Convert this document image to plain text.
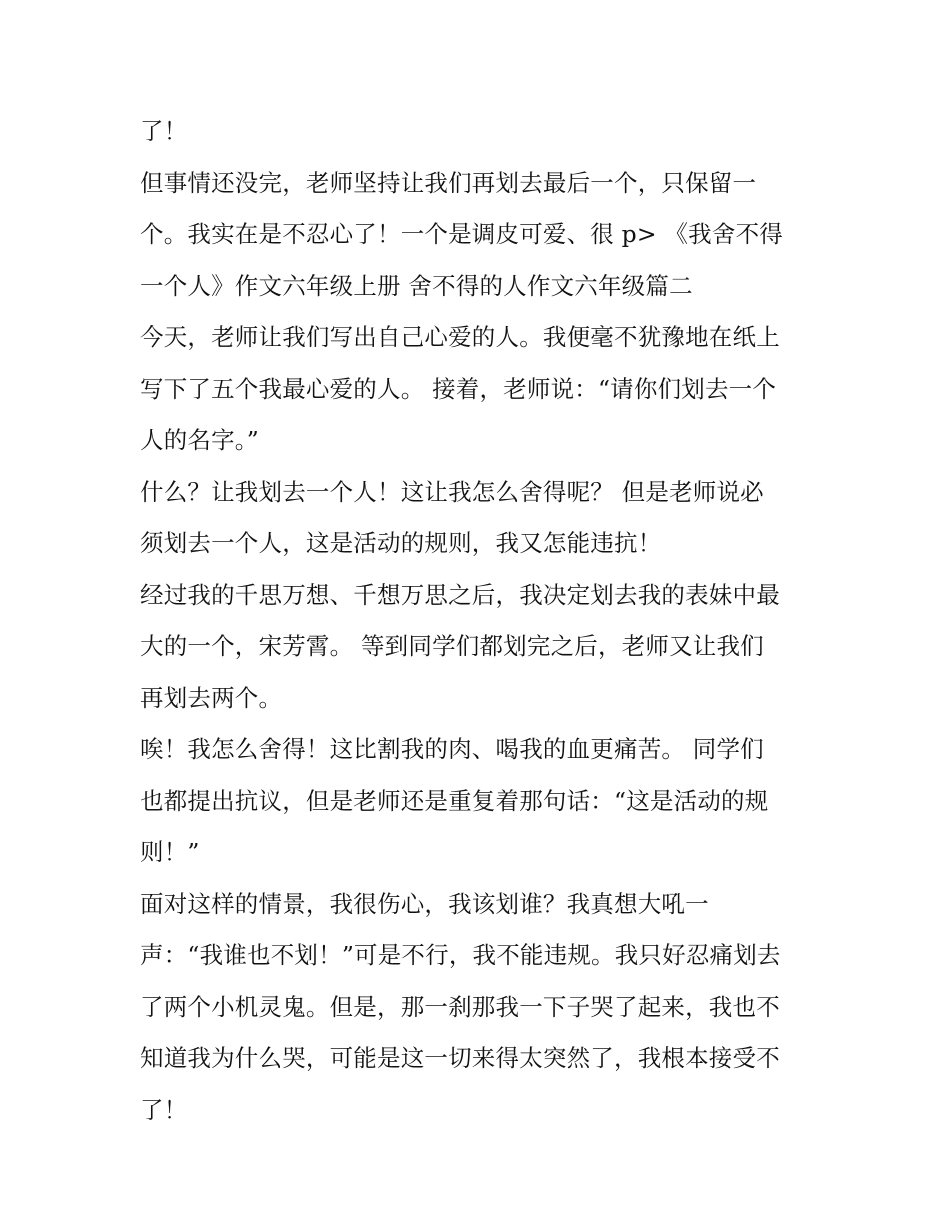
了！
但事情还没完，老师坚持让我们再划去最后一个，只保留一
个。我实在是不忍心了！一个是调皮可爱、很 p> 《我舍不得
一个人》作文六年级上册 舍不得的人作文六年级篇二
今天，老师让我们写出自己心爱的人。我便毫不犹豫地在纸上
写下了五个我最心爱的人。 接着，老师说：“请你们划去一个
人的名字。”
什么？让我划去一个人！这让我怎么舍得呢？ 但是老师说必
须划去一个人，这是活动的规则，我又怎能违抗！
经过我的千思万想、千想万思之后，我决定划去我的表妹中最
大的一个，宋芳霄。 等到同学们都划完之后，老师又让我们
再划去两个。
唉！我怎么舍得！这比割我的肉、喝我的血更痛苦。 同学们
也都提出抗议，但是老师还是重复着那句话：“这是活动的规
则！”
面对这样的情景，我很伤心，我该划谁？我真想大吼一
声：“我谁也不划！”可是不行，我不能违规。我只好忍痛划去
了两个小机灵鬼。但是，那一刹那我一下子哭了起来，我也不
知道我为什么哭，可能是这一切来得太突然了，我根本接受不
了！
